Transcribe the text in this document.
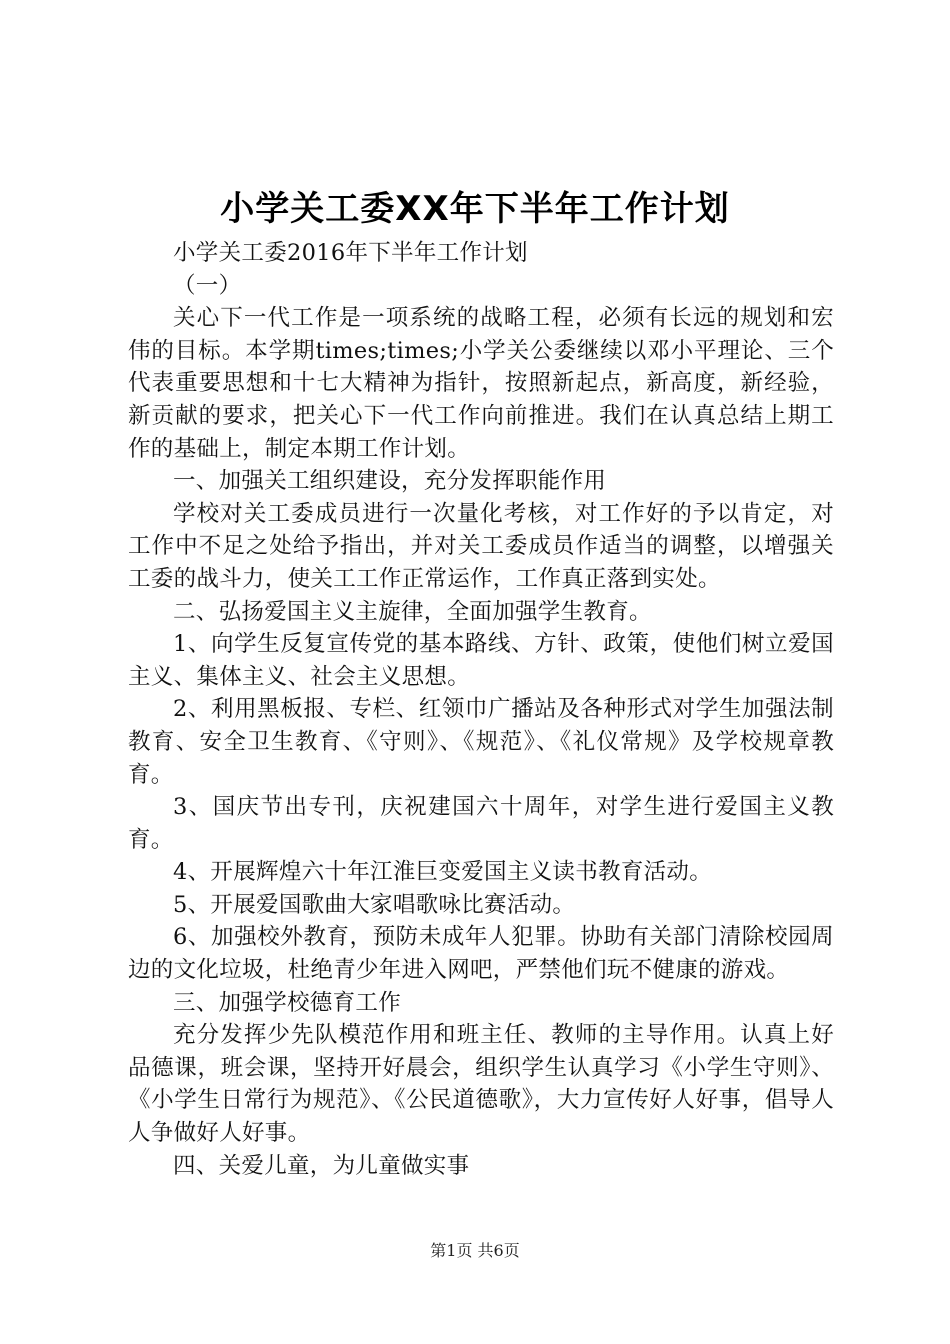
小学关工委XX年下半年工作计划

小学关工委2016年下半年工作计划

（一）

关心下一代工作是一项系统的战略工程，必须有长远的规划和宏伟的目标。本学期times;times;小学关公委继续以邓小平理论、三个代表重要思想和十七大精神为指针，按照新起点，新高度，新经验，新贡献的要求，把关心下一代工作向前推进。我们在认真总结上期工作的基础上，制定本期工作计划。

一、加强关工组织建设，充分发挥职能作用

学校对关工委成员进行一次量化考核，对工作好的予以肯定，对工作中不足之处给予指出，并对关工委成员作适当的调整，以增强关工委的战斗力，使关工工作正常运作，工作真正落到实处。

二、弘扬爱国主义主旋律，全面加强学生教育。

1、向学生反复宣传党的基本路线、方针、政策，使他们树立爱国主义、集体主义、社会主义思想。

2、利用黑板报、专栏、红领巾广播站及各种形式对学生加强法制教育、安全卫生教育、《守则》、《规范》、《礼仪常规》及学校规章教育。

3、国庆节出专刊，庆祝建国六十周年，对学生进行爱国主义教育。

4、开展辉煌六十年江淮巨变爱国主义读书教育活动。

5、开展爱国歌曲大家唱歌咏比赛活动。

6、加强校外教育，预防未成年人犯罪。协助有关部门清除校园周边的文化垃圾，杜绝青少年进入网吧，严禁他们玩不健康的游戏。

三、加强学校德育工作

充分发挥少先队模范作用和班主任、教师的主导作用。认真上好品德课，班会课，坚持开好晨会，组织学生认真学习《小学生守则》、《小学生日常行为规范》、《公民道德歌》，大力宣传好人好事，倡导人人争做好人好事。

四、关爱儿童，为儿童做实事

第1页 共6页
